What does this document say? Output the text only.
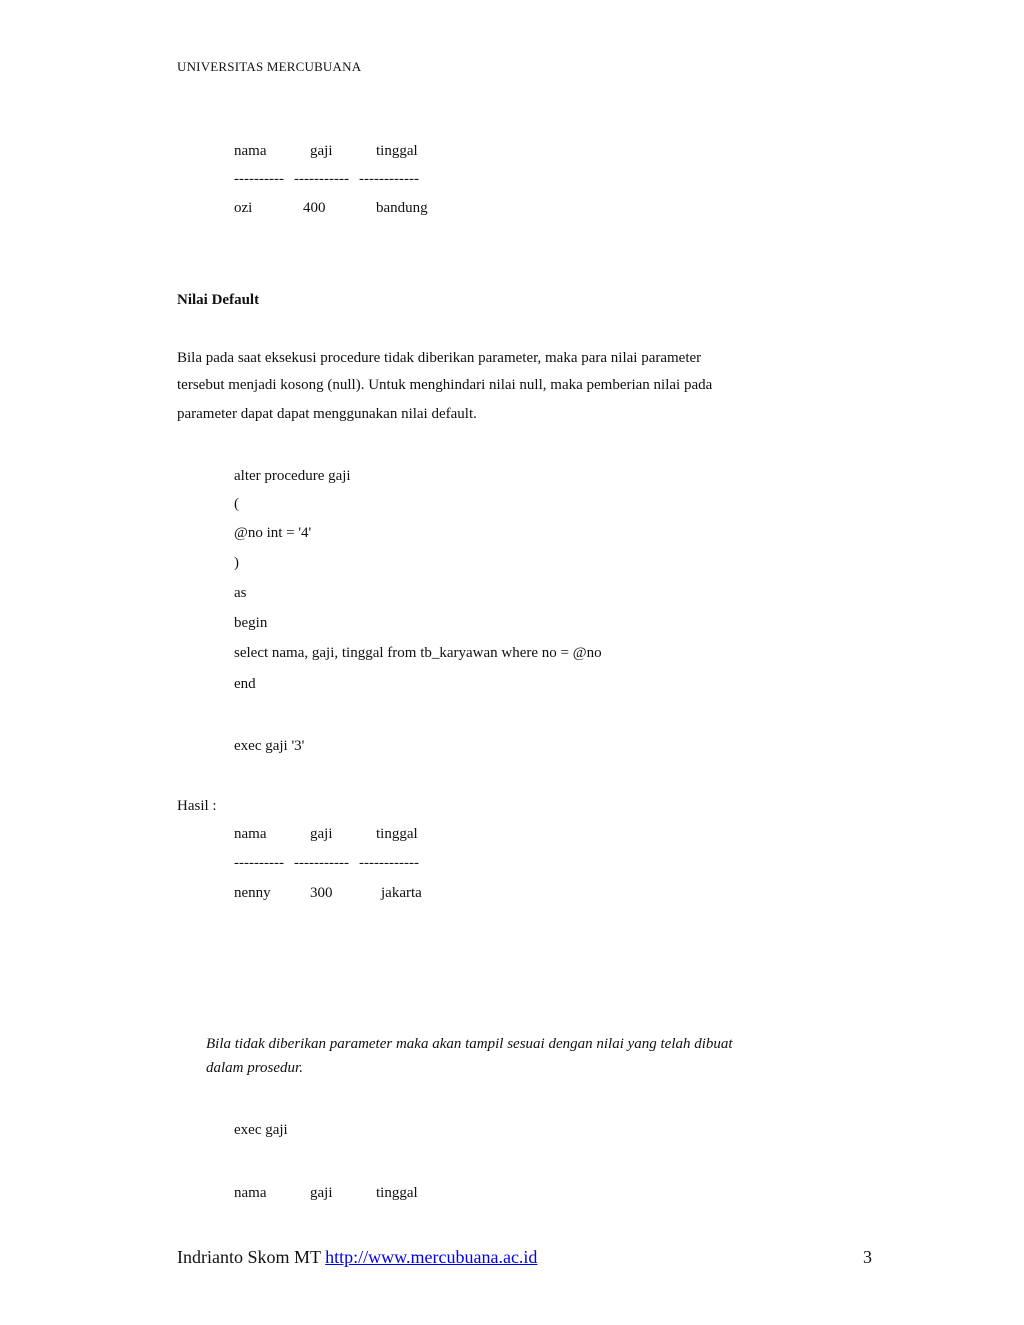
UNIVERSITAS MERCUBUANA
nama	gaji	tinggal
---------- ----------- ------------
ozi	400	bandung
Nilai Default
Bila pada saat eksekusi procedure tidak diberikan parameter, maka para nilai parameter
tersebut menjadi kosong (null). Untuk menghindari nilai null, maka pemberian nilai pada
parameter dapat dapat menggunakan nilai default.
alter procedure gaji
(
@no int = '4'
)
as
begin
select nama, gaji, tinggal from tb_karyawan where no = @no
end
exec gaji '3'
Hasil :
nama	gaji	tinggal
---------- ----------- ------------
nenny	300	jakarta
Bila tidak diberikan parameter maka akan tampil sesuai dengan nilai yang telah dibuat
dalam prosedur.
exec gaji
nama	gaji	tinggal
Indrianto Skom MT http://www.mercubuana.ac.id	3
